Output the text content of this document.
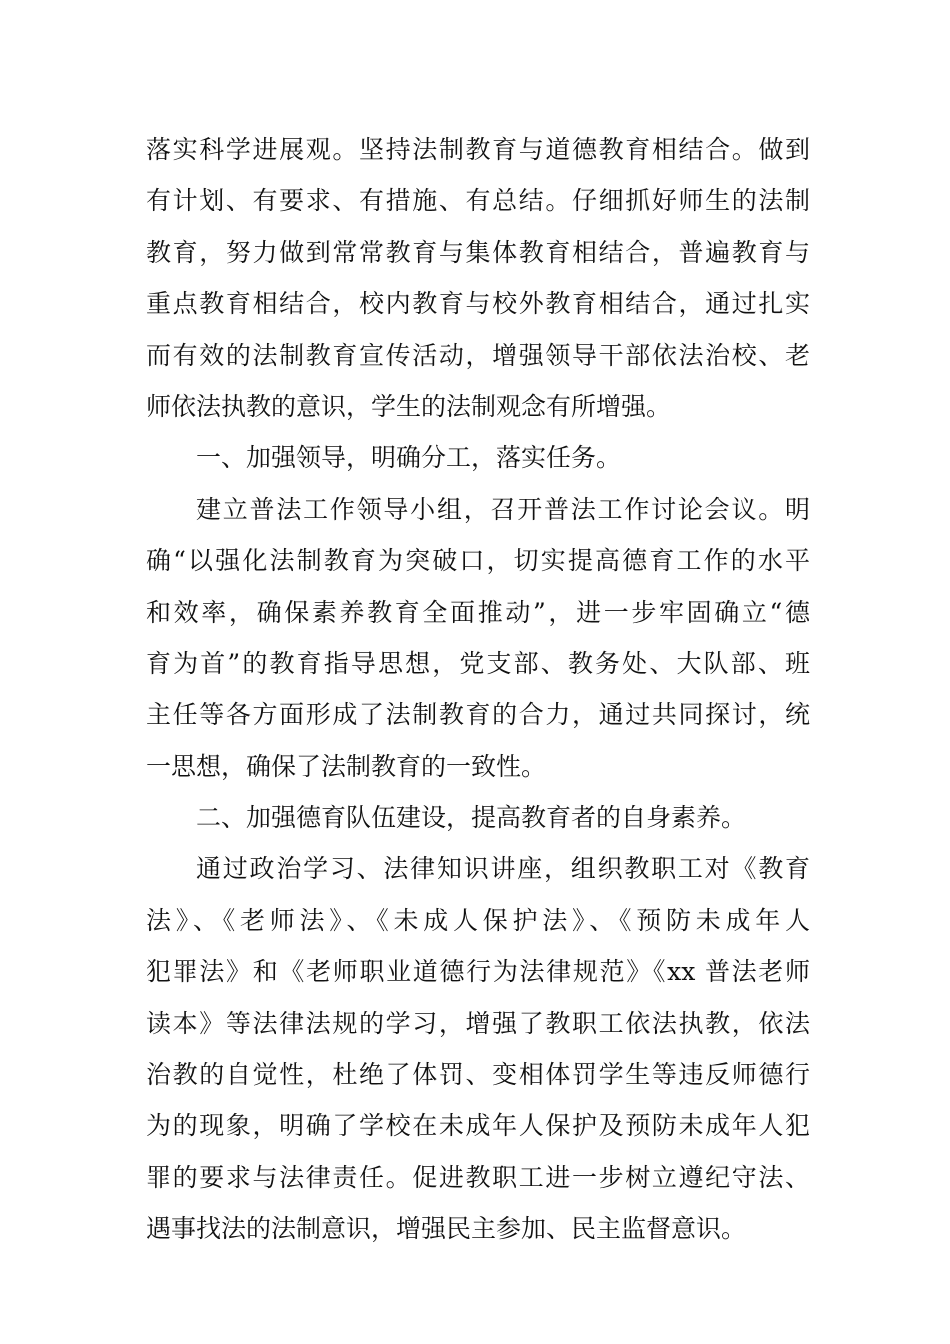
落实科学进展观。坚持法制教育与道德教育相结合。做到
有计划、有要求、有措施、有总结。仔细抓好师生的法制
教育，努力做到常常教育与集体教育相结合，普遍教育与
重点教育相结合，校内教育与校外教育相结合，通过扎实
而有效的法制教育宣传活动，增强领导干部依法治校、老
师依法执教的意识，学生的法制观念有所增强。
一、加强领导，明确分工，落实任务。
建立普法工作领导小组，召开普法工作讨论会议。明
确“以强化法制教育为突破口，切实提高德育工作的水平
和效率，确保素养教育全面推动”，进一步牢固确立“德
育为首”的教育指导思想，党支部、教务处、大队部、班
主任等各方面形成了法制教育的合力，通过共同探讨，统
一思想，确保了法制教育的一致性。
二、加强德育队伍建设，提高教育者的自身素养。
通过政治学习、法律知识讲座，组织教职工对《教育
法》、《老师法》、《未成人保护法》、《预防未成年人
犯罪法》和《老师职业道德行为法律规范》《xx 普法老师
读本》等法律法规的学习，增强了教职工依法执教，依法
治教的自觉性，杜绝了体罚、变相体罚学生等违反师德行
为的现象，明确了学校在未成年人保护及预防未成年人犯
罪的要求与法律责任。促进教职工进一步树立遵纪守法、
遇事找法的法制意识，增强民主参加、民主监督意识。
